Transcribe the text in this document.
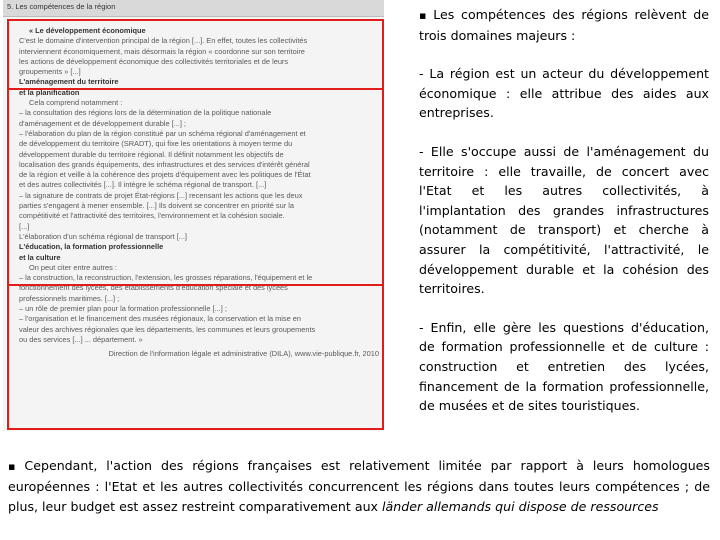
5. Les compétences de la région

« Le développement économique

C'est le domaine d'intervention principal de la région [...]. En effet, toutes les collectivités

interviennent économiquement, mais désormais la région « coordonne sur son territoire

les actions de développement économique des collectivités territoriales et de leurs

groupements » [...]

L'aménagement du territoire

et la planification

Cela comprend notamment :

– la consultation des régions lors de la détermination de la politique nationale

d'aménagement et de développement durable [...] ;

– l'élaboration du plan de la région constitué par un schéma régional d'aménagement et

de développement du territoire (SRADT), qui fixe les orientations à moyen terme du

développement durable du territoire régional. Il définit notamment les objectifs de

localisation des grands équipements, des infrastructures et des services d'intérêt général

de la région et veille à la cohérence des projets d'équipement avec les politiques de l'État

et des autres collectivités [...]. Il intègre le schéma régional de transport. [...]

– la signature de contrats de projet État-régions [...] recensant les actions que les deux

parties s'engagent à mener ensemble. [...] Ils doivent se concentrer en priorité sur la

compétitivité et l'attractivité des territoires, l'environnement et la cohésion sociale.

[...]

L'élaboration d'un schéma régional de transport [...]

L'éducation, la formation professionnelle

et la culture

On peut citer entre autres :

– la construction, la reconstruction, l'extension, les grosses réparations, l'équipement et le

fonctionnement des lycées, des établissements d'éducation spéciale et des lycées

professionnels maritimes. [...] ;

– un rôle de premier plan pour la formation professionnelle [...] ;

– l'organisation et le financement des musées régionaux, la conservation et la mise en

valeur des archives régionales que les départements, les communes et leurs groupements

ou des services [...] ... département. »

Direction de l'information légale et administrative (DILA), www.vie-publique.fr, 2010

▪ Les compétences des régions relèvent de trois domaines majeurs :

- La région est un acteur du développement économique : elle attribue des aides aux entreprises.

- Elle s'occupe aussi de l'aménagement du territoire : elle travaille, de concert avec l'Etat et les autres collectivités, à l'implantation des grandes infrastructures (notamment de transport) et cherche à assurer la compétitivité, l'attractivité, le développement durable et la cohésion des territoires.

- Enfin, elle gère les questions d'éducation, de formation professionnelle et de culture : construction et entretien des lycées, financement de la formation professionnelle, de musées et de sites touristiques.

▪ Cependant, l'action des régions françaises est relativement limitée par rapport à leurs homologues européennes : l'Etat et les autres collectivités concurrencent les régions dans toutes leurs compétences ; de plus, leur budget est assez restreint comparativement aux länder allemands qui dispose de ressources
